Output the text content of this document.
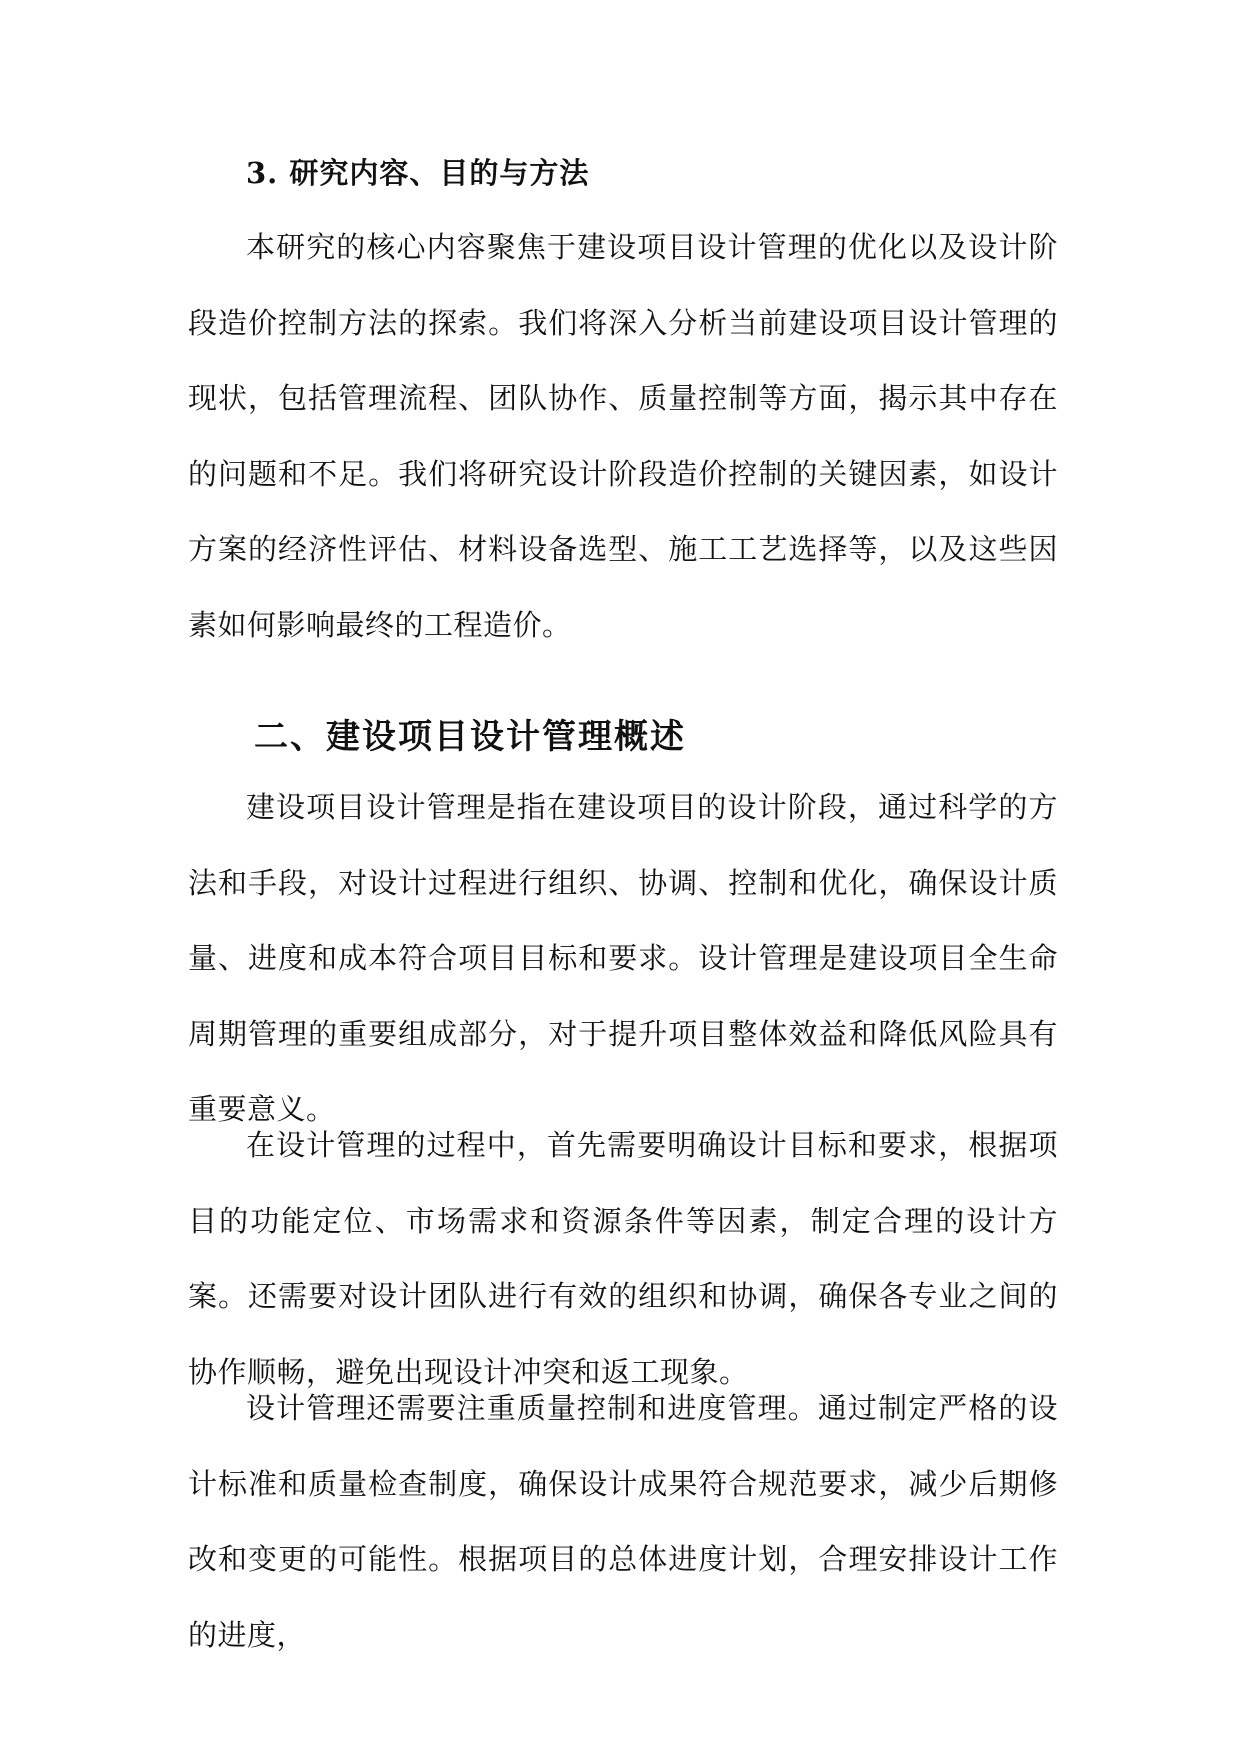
3. 研究内容、目的与方法

本研究的核心内容聚焦于建设项目设计管理的优化以及设计阶段造价控制方法的探索。我们将深入分析当前建设项目设计管理的现状，包括管理流程、团队协作、质量控制等方面，揭示其中存在的问题和不足。我们将研究设计阶段造价控制的关键因素，如设计方案的经济性评估、材料设备选型、施工工艺选择等，以及这些因素如何影响最终的工程造价。

二、建设项目设计管理概述

建设项目设计管理是指在建设项目的设计阶段，通过科学的方法和手段，对设计过程进行组织、协调、控制和优化，确保设计质量、进度和成本符合项目目标和要求。设计管理是建设项目全生命周期管理的重要组成部分，对于提升项目整体效益和降低风险具有重要意义。

在设计管理的过程中，首先需要明确设计目标和要求，根据项目的功能定位、市场需求和资源条件等因素，制定合理的设计方案。还需要对设计团队进行有效的组织和协调，确保各专业之间的协作顺畅，避免出现设计冲突和返工现象。

设计管理还需要注重质量控制和进度管理。通过制定严格的设计标准和质量检查制度，确保设计成果符合规范要求，减少后期修改和变更的可能性。根据项目的总体进度计划，合理安排设计工作的进度，
